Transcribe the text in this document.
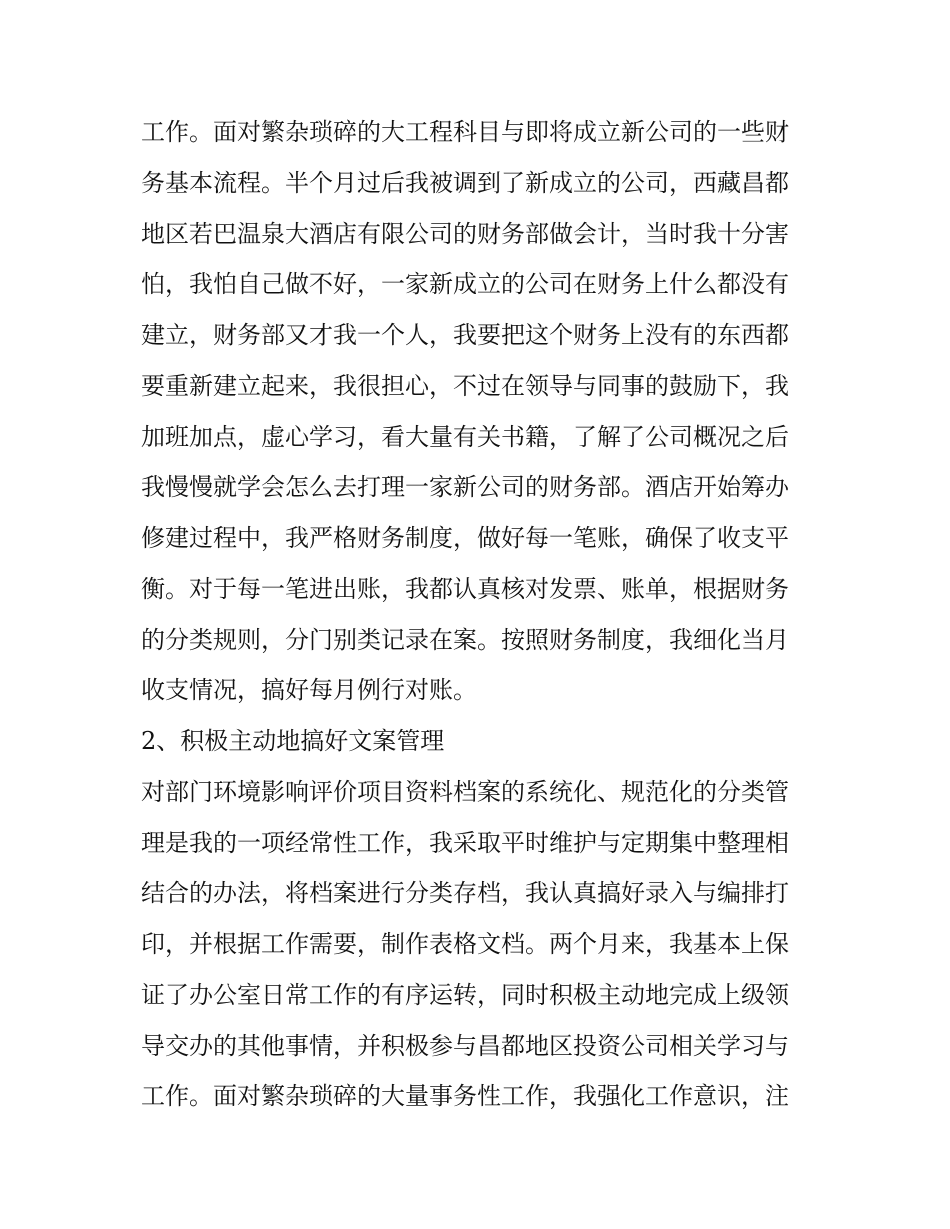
工作。面对繁杂琐碎的大工程科目与即将成立新公司的一些财
务基本流程。半个月过后我被调到了新成立的公司，西藏昌都
地区若巴温泉大酒店有限公司的财务部做会计，当时我十分害
怕，我怕自己做不好，一家新成立的公司在财务上什么都没有
建立，财务部又才我一个人，我要把这个财务上没有的东西都
要重新建立起来，我很担心，不过在领导与同事的鼓励下，我
加班加点，虚心学习，看大量有关书籍，了解了公司概况之后
我慢慢就学会怎么去打理一家新公司的财务部。酒店开始筹办
修建过程中，我严格财务制度，做好每一笔账，确保了收支平
衡。对于每一笔进出账，我都认真核对发票、账单，根据财务
的分类规则，分门别类记录在案。按照财务制度，我细化当月
收支情况，搞好每月例行对账。
2、积极主动地搞好文案管理
对部门环境影响评价项目资料档案的系统化、规范化的分类管
理是我的一项经常性工作，我采取平时维护与定期集中整理相
结合的办法，将档案进行分类存档，我认真搞好录入与编排打
印，并根据工作需要，制作表格文档。两个月来，我基本上保
证了办公室日常工作的有序运转，同时积极主动地完成上级领
导交办的其他事情，并积极参与昌都地区投资公司相关学习与
工作。面对繁杂琐碎的大量事务性工作，我强化工作意识，注
